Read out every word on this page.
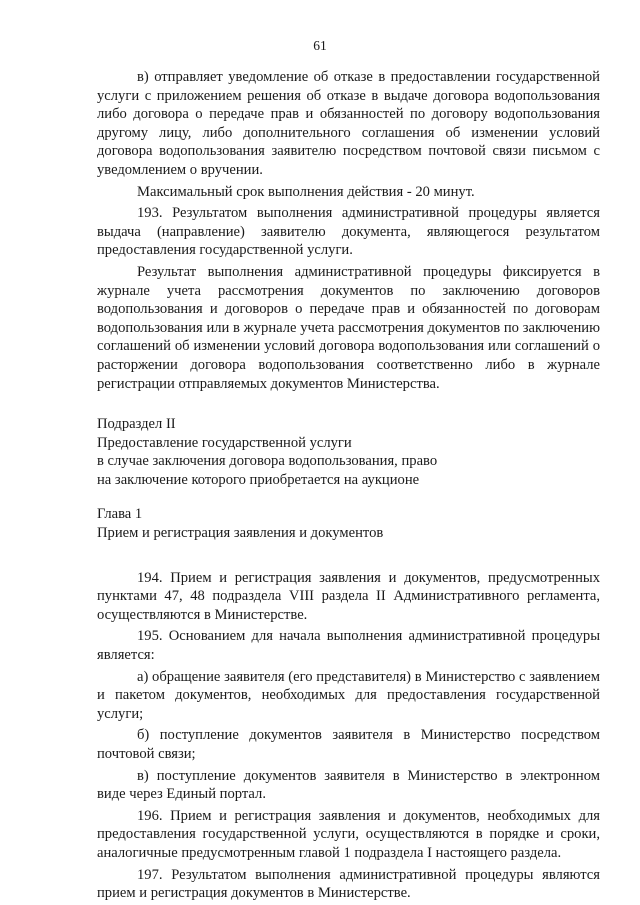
61

в) отправляет уведомление об отказе в предоставлении государственной услуги с приложением решения об отказе в выдаче договора водопользования либо договора о передаче прав и обязанностей по договору водопользования другому лицу, либо дополнительного соглашения об изменении условий договора водопользования заявителю посредством почтовой связи письмом с уведомлением о вручении.

Максимальный срок выполнения действия - 20 минут.

193. Результатом выполнения административной процедуры является выдача (направление) заявителю документа, являющегося результатом предоставления государственной услуги.

Результат выполнения административной процедуры фиксируется в журнале учета рассмотрения документов по заключению договоров водопользования и договоров о передаче прав и обязанностей по договорам водопользования или в журнале учета рассмотрения документов по заключению соглашений об изменении условий договора водопользования или соглашений о расторжении договора водопользования соответственно либо в журнале регистрации отправляемых документов Министерства.

Подраздел II
Предоставление государственной услуги
в случае заключения договора водопользования, право
на заключение которого приобретается на аукционе

Глава 1
Прием и регистрация заявления и документов

194. Прием и регистрация заявления и документов, предусмотренных пунктами 47, 48 подраздела VIII раздела II Административного регламента, осуществляются в Министерстве.

195. Основанием для начала выполнения административной процедуры является:

а) обращение заявителя (его представителя) в Министерство с заявлением и пакетом документов, необходимых для предоставления государственной услуги;

б) поступление документов заявителя в Министерство посредством почтовой связи;

в) поступление документов заявителя в Министерство в электронном виде через Единый портал.

196. Прием и регистрация заявления и документов, необходимых для предоставления государственной услуги, осуществляются в порядке и сроки, аналогичные предусмотренным главой 1 подраздела I настоящего раздела.

197. Результатом выполнения административной процедуры являются прием и регистрация документов в Министерстве.
